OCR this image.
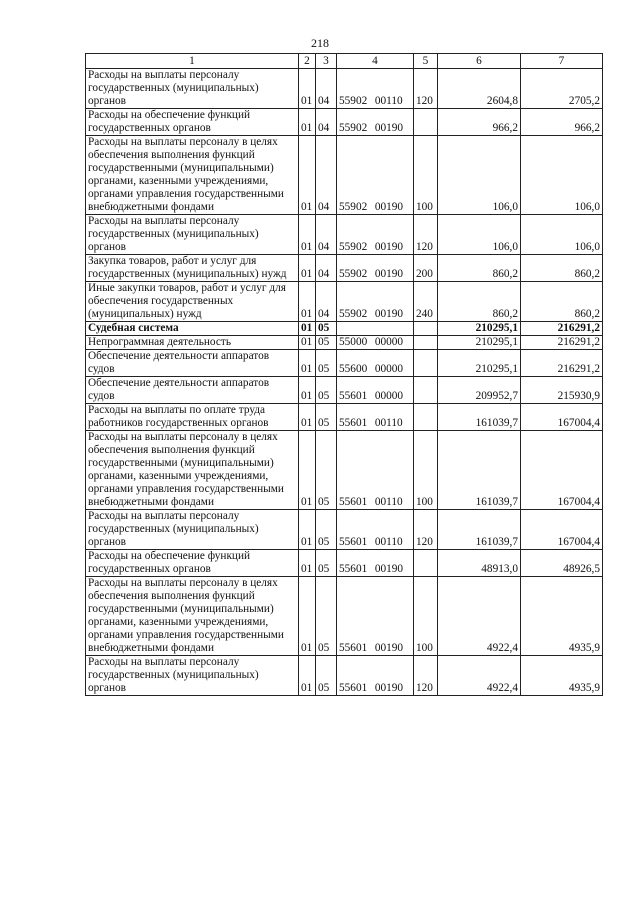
218
1	2	3	4	5	6	7
Расходы на выплаты персоналу государственных (муниципальных) органов	01	04	55902 00110	120	2604,8	2705,2
Расходы на обеспечение функций государственных органов	01	04	55902 00190		966,2	966,2
Расходы на выплаты персоналу в целях обеспечения выполнения функций государственными (муниципальными) органами, казенными учреждениями, органами управления государственными внебюджетными фондами	01	04	55902 00190	100	106,0	106,0
Расходы на выплаты персоналу государственных (муниципальных) органов	01	04	55902 00190	120	106,0	106,0
Закупка товаров, работ и услуг для государственных (муниципальных) нужд	01	04	55902 00190	200	860,2	860,2
Иные закупки товаров, работ и услуг для обеспечения государственных (муниципальных) нужд	01	04	55902 00190	240	860,2	860,2
Судебная система	01	05			210295,1	216291,2
Непрограммная деятельность	01	05	55000 00000		210295,1	216291,2
Обеспечение деятельности аппаратов судов	01	05	55600 00000		210295,1	216291,2
Обеспечение деятельности аппаратов судов	01	05	55601 00000		209952,7	215930,9
Расходы на выплаты по оплате труда работников государственных органов	01	05	55601 00110		161039,7	167004,4
Расходы на выплаты персоналу в целях обеспечения выполнения функций государственными (муниципальными) органами, казенными учреждениями, органами управления государственными внебюджетными фондами	01	05	55601 00110	100	161039,7	167004,4
Расходы на выплаты персоналу государственных (муниципальных) органов	01	05	55601 00110	120	161039,7	167004,4
Расходы на обеспечение функций государственных органов	01	05	55601 00190		48913,0	48926,5
Расходы на выплаты персоналу в целях обеспечения выполнения функций государственными (муниципальными) органами, казенными учреждениями, органами управления государственными внебюджетными фондами	01	05	55601 00190	100	4922,4	4935,9
Расходы на выплаты персоналу государственных (муниципальных) органов	01	05	55601 00190	120	4922,4	4935,9
